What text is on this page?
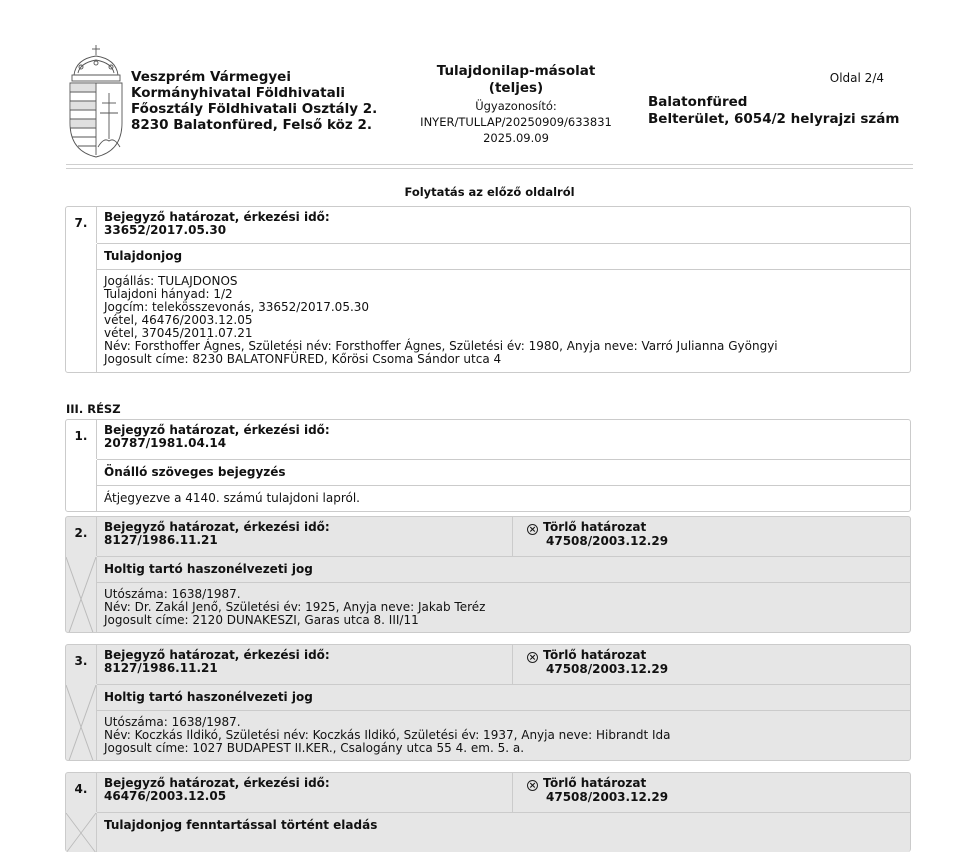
Veszprém Vármegyei
Kormányhivatal Földhivatali
Főosztály Földhivatali Osztály 2.
8230 Balatonfüred, Felső köz 2.
Tulajdonilap-másolat
(teljes)
Ügyazonosító:
INYER/TULLAP/20250909/633831
2025.09.09
Oldal 2/4
Balatonfüred
Belterület, 6054/2 helyrajzi szám
Folytatás az előző oldalról
7.	Bejegyző határozat, érkezési idő:
33652/2017.05.30
Tulajdonjog
Jogállás: TULAJDONOS
Tulajdoni hányad: 1/2
Jogcím: telekösszevonás, 33652/2017.05.30
vétel, 46476/2003.12.05
vétel, 37045/2011.07.21
Név: Forsthoffer Ágnes, Születési név: Forsthoffer Ágnes, Születési év: 1980, Anyja neve: Varró Julianna Gyöngyi
Jogosult címe: 8230 BALATONFÜRED, Kőrösi Csoma Sándor utca 4
III. RÉSZ
1.	Bejegyző határozat, érkezési idő:
20787/1981.04.14
Önálló szöveges bejegyzés
Átjegyezve a 4140. számú tulajdoni lapról.
2.	Bejegyző határozat, érkezési idő:
8127/1986.11.21
× Törlő határozat
47508/2003.12.29
Holtig tartó haszonélvezeti jog
Utószáma: 1638/1987.
Név: Dr. Zakál Jenő, Születési év: 1925, Anyja neve: Jakab Teréz
Jogosult címe: 2120 DUNAKESZI, Garas utca 8. III/11
3.	Bejegyző határozat, érkezési idő:
8127/1986.11.21
× Törlő határozat
47508/2003.12.29
Holtig tartó haszonélvezeti jog
Utószáma: 1638/1987.
Név: Koczkás Ildikó, Születési név: Koczkás Ildikó, Születési év: 1937, Anyja neve: Hibrandt Ida
Jogosult címe: 1027 BUDAPEST II.KER., Csalogány utca 55 4. em. 5. a.
4.	Bejegyző határozat, érkezési idő:
46476/2003.12.05
× Törlő határozat
47508/2003.12.29
Tulajdonjog fenntartással történt eladás
